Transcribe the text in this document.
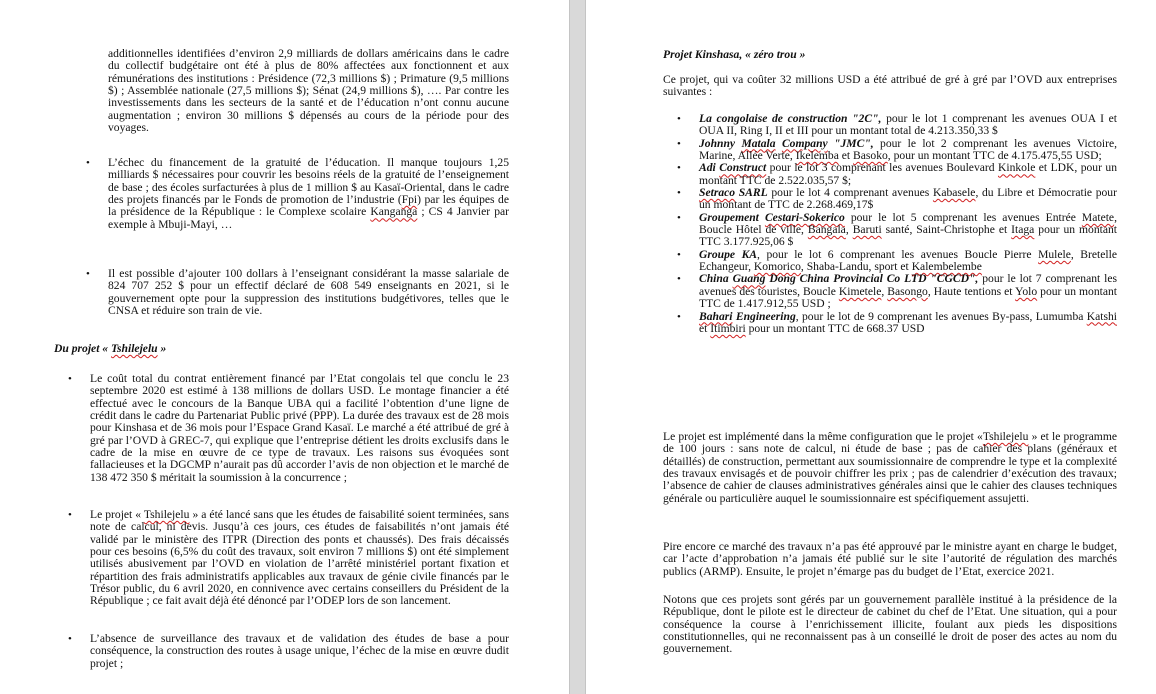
additionnelles identifiées d’environ 2,9 milliards de dollars américains dans le cadre du collectif budgétaire ont été à plus de 80% affectées aux fonctionnent et aux rémunérations des institutions : Présidence (72,3 millions $) ; Primature (9,5 millions $) ; Assemblée nationale (27,5 millions $); Sénat (24,9 millions $), …. Par contre les investissements dans les secteurs de la santé et de l’éducation n’ont connu aucune augmentation ; environ 30 millions $ dépensés au cours de la période pour des voyages.

• L’échec du financement de la gratuité de l’éducation. Il manque toujours 1,25 milliards $ nécessaires pour couvrir les besoins réels de la gratuité de l’enseignement de base ; des écoles surfacturées à plus de 1 million $ au Kasaï-Oriental, dans le cadre des projets financés par le Fonds de promotion de l’industrie (Fpi) par les équipes de la présidence de la République : le Complexe scolaire Kanganga ; CS 4 Janvier par exemple à Mbuji-Mayi, …
• Il est possible d’ajouter 100 dollars à l’enseignant considérant la masse salariale de 824 707 252 $ pour un effectif déclaré de 608 549 enseignants en 2021, si le gouvernement opte pour la suppression des institutions budgétivores, telles que le CNSA et réduire son train de vie.
Du projet « Tshilejelu »
• Le coût total du contrat entièrement financé par l’Etat congolais tel que conclu le 23 septembre 2020 est estimé à 138 millions de dollars USD. Le montage financier a été effectué avec le concours de la Banque UBA qui a facilité l’obtention d’une ligne de crédit dans le cadre du Partenariat Public privé (PPP). La durée des travaux est de 28 mois pour Kinshasa et de 36 mois pour l’Espace Grand Kasaï. Le marché a été attribué de gré à gré par l’OVD à GREC-7, qui explique que l’entreprise détient les droits exclusifs dans le cadre de la mise en œuvre de ce type de travaux. Les raisons sus évoquées sont fallacieuses et la DGCMP n’aurait pas dû accorder l’avis de non objection et le marché de 138 472 350 $ méritait la soumission à la concurrence ;
• Le projet « Tshilejelu » a été lancé sans que les études de faisabilité soient terminées, sans note de calcul, ni devis. Jusqu’à ces jours, ces études de faisabilités n’ont jamais été validé par le ministère des ITPR (Direction des ponts et chaussés). Des frais décaissés pour ces besoins (6,5% du coût des travaux, soit environ 7 millions $) ont été simplement utilisés abusivement par l’OVD en violation de l’arrêté ministériel portant fixation et répartition des frais administratifs applicables aux travaux de génie civile financés par le Trésor public, du 6 avril 2020, en connivence avec certains conseillers du Président de la République ; ce fait avait déjà été dénoncé par l’ODEP lors de son lancement.
• L’absence de surveillance des travaux et de validation des études de base a pour conséquence, la construction des routes à usage unique, l’échec de la mise en œuvre dudit projet ;
Projet Kinshasa, « zéro trou »

Ce projet, qui va coûter 32 millions USD a été attribué de gré à gré par l’OVD aux entreprises suivantes :

• La congolaise de construction "2C", pour le lot 1 comprenant les avenues OUA I et OUA II, Ring I, II et III pour un montant total de 4.213.350,33 $
• Johnny Matala Company "JMC", pour le lot 2 comprenant les avenues Victoire, Marine, Allée Verte, Ikelemba et Basoko, pour un montant TTC de 4.175.475,55 USD;
• Adi Construct pour le lot 3 comprenant les avenues Boulevard Kinkole et LDK, pour un montant TTC de 2.522.035,57 $;
• Setraco SARL pour le lot 4 comprenant avenues Kabasele, du Libre et Démocratie pour un montant de TTC de 2.268.469,17$
• Groupement Cestari-Sokerico pour le lot 5 comprenant les avenues Entrée Matete, Boucle Hôtel de ville, Bangala, Baruti santé, Saint-Christophe et Itaga pour un montant TTC 3.177.925,06 $
• Groupe KA, pour le lot 6 comprenant les avenues Boucle Pierre Mulele, Bretelle Echangeur, Komorico, Shaba-Landu, sport et Kalembelembe
• China Guang Dong China Provincial Co LTD "CGCD", pour le lot 7 comprenant les avenues des touristes, Boucle Kimetele, Basongo, Haute tentions et Yolo pour un montant TTC de 1.417.912,55 USD ;
• Bahari Engineering, pour le lot de 9 comprenant les avenues By-pass, Lumumba Katshi et Itimbiri pour un montant TTC de 668.37 USD

Le projet est implémenté dans la même configuration que le projet «Tshilejelu » et le programme de 100 jours : sans note de calcul, ni étude de base ; pas de cahier des plans (généraux et détaillés) de construction, permettant aux soumissionnaire de comprendre le type et la complexité des travaux envisagés et de pouvoir chiffrer les prix ; pas de calendrier d’exécution des travaux; l’absence de cahier de clauses administratives générales ainsi que le cahier des clauses techniques générale ou particulière auquel le soumissionnaire est spécifiquement assujetti.

Pire encore ce marché des travaux n’a pas été approuvé par le ministre ayant en charge le budget, car l’acte d’approbation n’a jamais été publié sur le site l’autorité de régulation des marchés publics (ARMP). Ensuite, le projet n’émarge pas du budget de l’Etat, exercice 2021.

Notons que ces projets sont gérés par un gouvernement parallèle institué à la présidence de la République, dont le pilote est le directeur de cabinet du chef de l’Etat. Une situation, qui a pour conséquence la course à l’enrichissement illicite, foulant aux pieds les dispositions constitutionnelles, qui ne reconnaissent pas à un conseillé le droit de poser des actes au nom du gouvernement.
